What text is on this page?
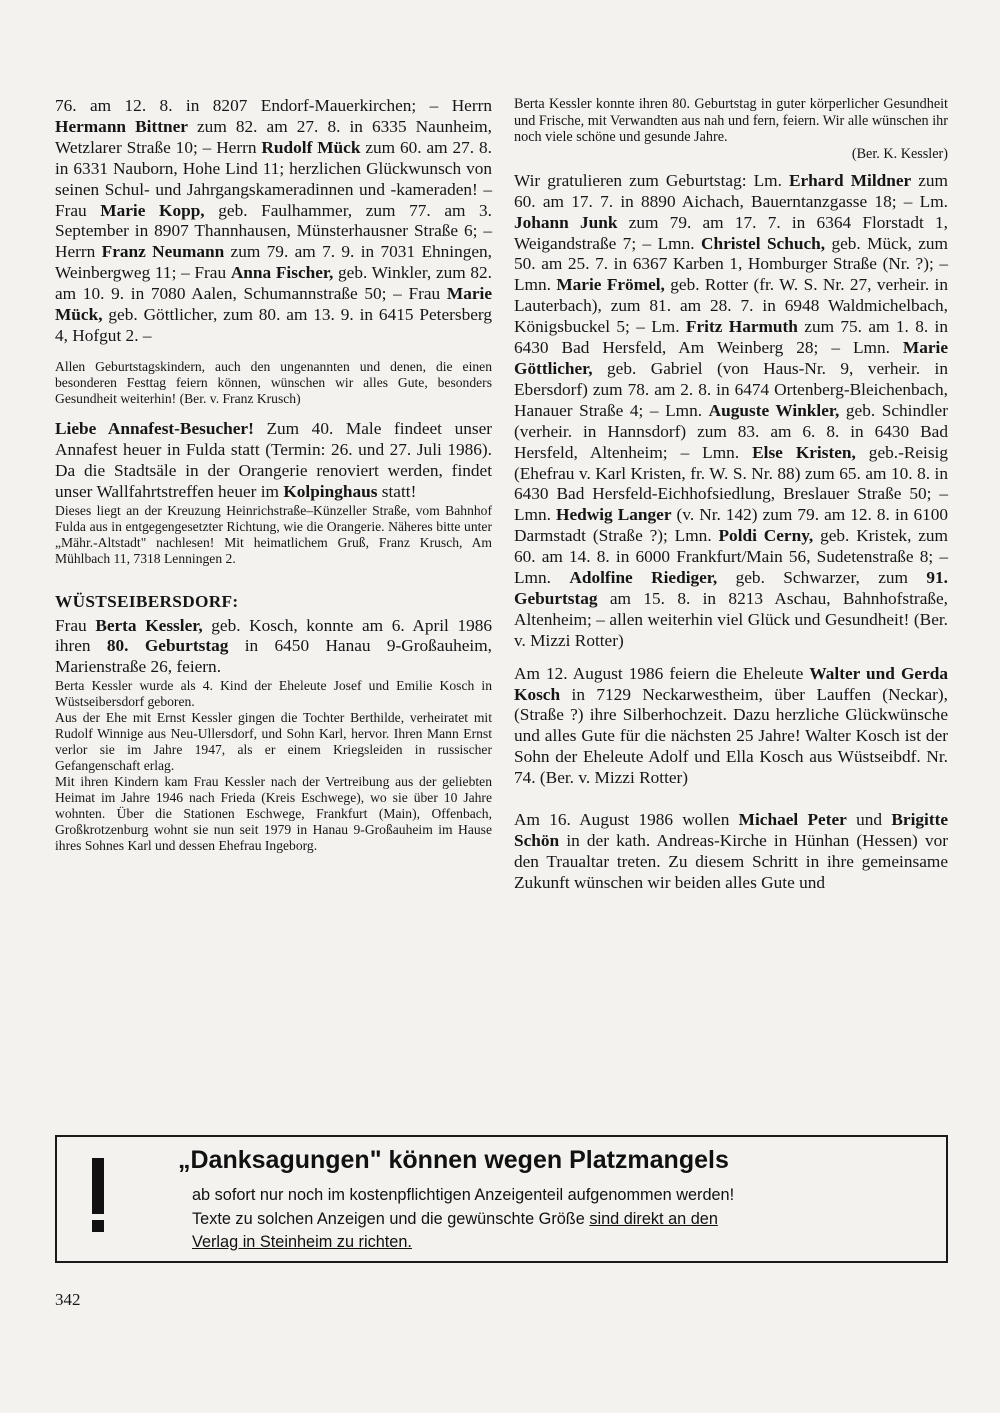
76. am 12. 8. in 8207 Endorf-Mauerkirchen; – Herrn Hermann Bittner zum 82. am 27. 8. in 6335 Naunheim, Wetzlarer Straße 10; – Herrn Rudolf Mück zum 60. am 27. 8. in 6331 Nauborn, Hohe Lind 11; herzlichen Glückwunsch von seinen Schul- und Jahrgangskameradinnen und -kameraden! – Frau Marie Kopp, geb. Faulhammer, zum 77. am 3. September in 8907 Thannhausen, Münsterhausner Straße 6; – Herrn Franz Neumann zum 79. am 7. 9. in 7031 Ehningen, Weinbergweg 11; – Frau Anna Fischer, geb. Winkler, zum 82. am 10. 9. in 7080 Aalen, Schumannstraße 50; – Frau Marie Mück, geb. Göttlicher, zum 80. am 13. 9. in 6415 Petersberg 4, Hofgut 2. –

Allen Geburtstagskindern, auch den ungenannten und denen, die einen besonderen Festtag feiern können, wünschen wir alles Gute, besonders Gesundheit weiterhin! (Ber. v. Franz Krusch)

Liebe Annafest-Besucher! Zum 40. Male findeet unser Annafest heuer in Fulda statt (Termin: 26. und 27. Juli 1986). Da die Stadtsäle in der Orangerie renoviert werden, findet unser Wallfahrtstreffen heuer im Kolpinghaus statt!

Dieses liegt an der Kreuzung Heinrichstraße–Künzeller Straße, vom Bahnhof Fulda aus in entgegengesetzter Richtung, wie die Orangerie. Näheres bitte unter „Mähr.-Altstadt" nachlesen! Mit heimatlichem Gruß, Franz Krusch, Am Mühlbach 11, 7318 Lenningen 2.

WÜSTSEIBERSDORF:

Frau Berta Kessler, geb. Kosch, konnte am 6. April 1986 ihren 80. Geburtstag in 6450 Hanau 9-Großauheim, Marienstraße 26, feiern.

Berta Kessler wurde als 4. Kind der Eheleute Josef und Emilie Kosch in Wüstseibersdorf geboren.

Aus der Ehe mit Ernst Kessler gingen die Tochter Berthilde, verheiratet mit Rudolf Winnige aus Neu-Ullersdorf, und Sohn Karl, hervor. Ihren Mann Ernst verlor sie im Jahre 1947, als er einem Kriegsleiden in russischer Gefangenschaft erlag.

Mit ihren Kindern kam Frau Kessler nach der Vertreibung aus der geliebten Heimat im Jahre 1946 nach Frieda (Kreis Eschwege), wo sie über 10 Jahre wohnten. Über die Stationen Eschwege, Frankfurt (Main), Offenbach, Großkrotzenburg wohnt sie nun seit 1979 in Hanau 9-Großauheim im Hause ihres Sohnes Karl und dessen Ehefrau Ingeborg.

Berta Kessler konnte ihren 80. Geburtstag in guter körperlicher Gesundheit und Frische, mit Verwandten aus nah und fern, feiern. Wir alle wünschen ihr noch viele schöne und gesunde Jahre.

(Ber. K. Kessler)

Wir gratulieren zum Geburtstag: Lm. Erhard Mildner zum 60. am 17. 7. in 8890 Aichach, Bauerntanzgasse 18; – Lm. Johann Junk zum 79. am 17. 7. in 6364 Florstadt 1, Weigandstraße 7; – Lmn. Christel Schuch, geb. Mück, zum 50. am 25. 7. in 6367 Karben 1, Homburger Straße (Nr. ?); – Lmn. Marie Frömel, geb. Rotter (fr. W. S. Nr. 27, verheir. in Lauterbach), zum 81. am 28. 7. in 6948 Waldmichelbach, Königsbuckel 5; – Lm. Fritz Harmuth zum 75. am 1. 8. in 6430 Bad Hersfeld, Am Weinberg 28; – Lmn. Marie Göttlicher, geb. Gabriel (von Haus-Nr. 9, verheir. in Ebersdorf) zum 78. am 2. 8. in 6474 Ortenberg-Bleichenbach, Hanauer Straße 4; – Lmn. Auguste Winkler, geb. Schindler (verheir. in Hannsdorf) zum 83. am 6. 8. in 6430 Bad Hersfeld, Altenheim; – Lmn. Else Kristen, geb.-Reisig (Ehefrau v. Karl Kristen, fr. W. S. Nr. 88) zum 65. am 10. 8. in 6430 Bad Hersfeld-Eichhofsiedlung, Breslauer Straße 50; – Lmn. Hedwig Langer (v. Nr. 142) zum 79. am 12. 8. in 6100 Darmstadt (Straße ?); Lmn. Poldi Cerny, geb. Kristek, zum 60. am 14. 8. in 6000 Frankfurt/Main 56, Sudetenstraße 8; – Lmn. Adolfine Riediger, geb. Schwarzer, zum 91. Geburtstag am 15. 8. in 8213 Aschau, Bahnhofstraße, Altenheim; – allen weiterhin viel Glück und Gesundheit! (Ber. v. Mizzi Rotter)

Am 12. August 1986 feiern die Eheleute Walter und Gerda Kosch in 7129 Neckarwestheim, über Lauffen (Neckar), (Straße ?) ihre Silberhochzeit. Dazu herzliche Glückwünsche und alles Gute für die nächsten 25 Jahre! Walter Kosch ist der Sohn der Eheleute Adolf und Ella Kosch aus Wüstseibdf. Nr. 74. (Ber. v. Mizzi Rotter)

Am 16. August 1986 wollen Michael Peter und Brigitte Schön in der kath. Andreas-Kirche in Hünhan (Hessen) vor den Traualtar treten. Zu diesem Schritt in ihre gemeinsame Zukunft wünschen wir beiden alles Gute und

„Danksagungen" können wegen Platzmangels
ab sofort nur noch im kostenpflichtigen Anzeigenteil aufgenommen werden!
Texte zu solchen Anzeigen und die gewünschte Größe sind direkt an den
Verlag in Steinheim zu richten.
342
